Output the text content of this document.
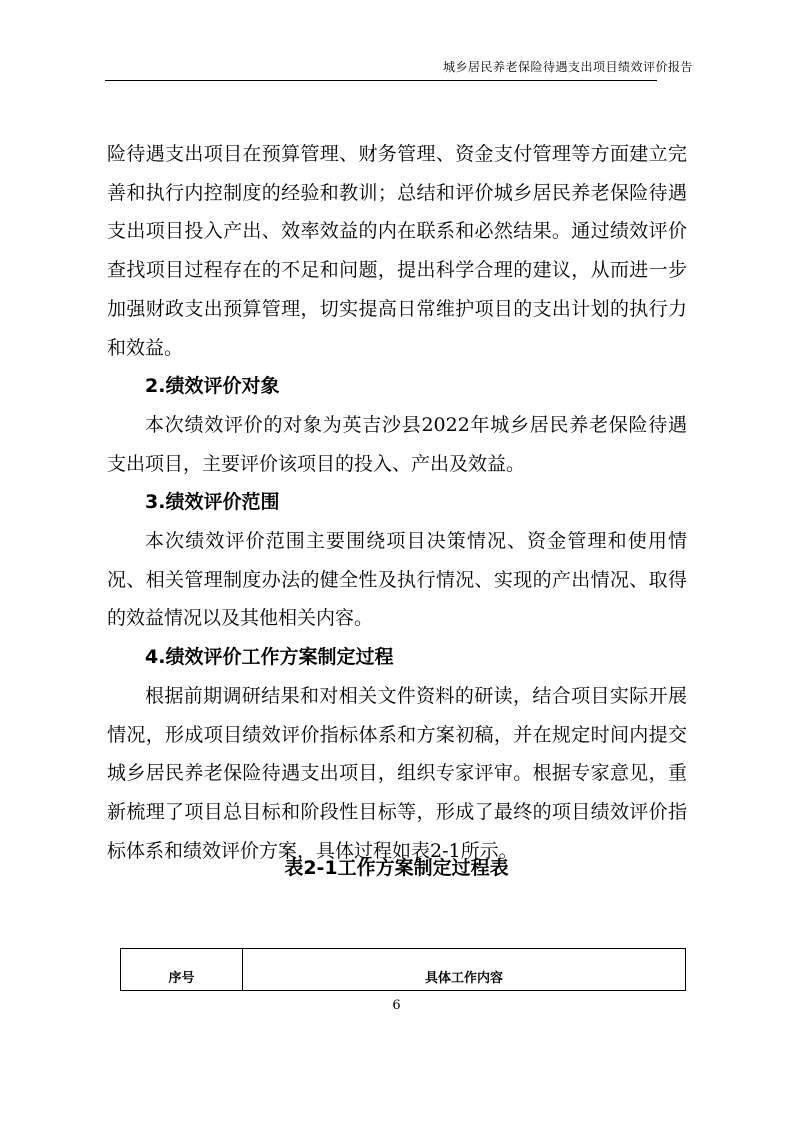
城乡居民养老保险待遇支出项目绩效评价报告

险待遇支出项目在预算管理、财务管理、资金支付管理等方面建立完善和执行内控制度的经验和教训；总结和评价城乡居民养老保险待遇支出项目投入产出、效率效益的内在联系和必然结果。通过绩效评价查找项目过程存在的不足和问题，提出科学合理的建议，从而进一步加强财政支出预算管理，切实提高日常维护项目的支出计划的执行力和效益。

2.绩效评价对象

本次绩效评价的对象为英吉沙县2022年城乡居民养老保险待遇支出项目，主要评价该项目的投入、产出及效益。

3.绩效评价范围

本次绩效评价范围主要围绕项目决策情况、资金管理和使用情况、相关管理制度办法的健全性及执行情况、实现的产出情况、取得的效益情况以及其他相关内容。

4.绩效评价工作方案制定过程

根据前期调研结果和对相关文件资料的研读，结合项目实际开展情况，形成项目绩效评价指标体系和方案初稿，并在规定时间内提交城乡居民养老保险待遇支出项目，组织专家评审。根据专家意见，重新梳理了项目总目标和阶段性目标等，形成了最终的项目绩效评价指标体系和绩效评价方案，具体过程如表2-1所示。

表2-1工作方案制定过程表
序号	具体工作内容
6
